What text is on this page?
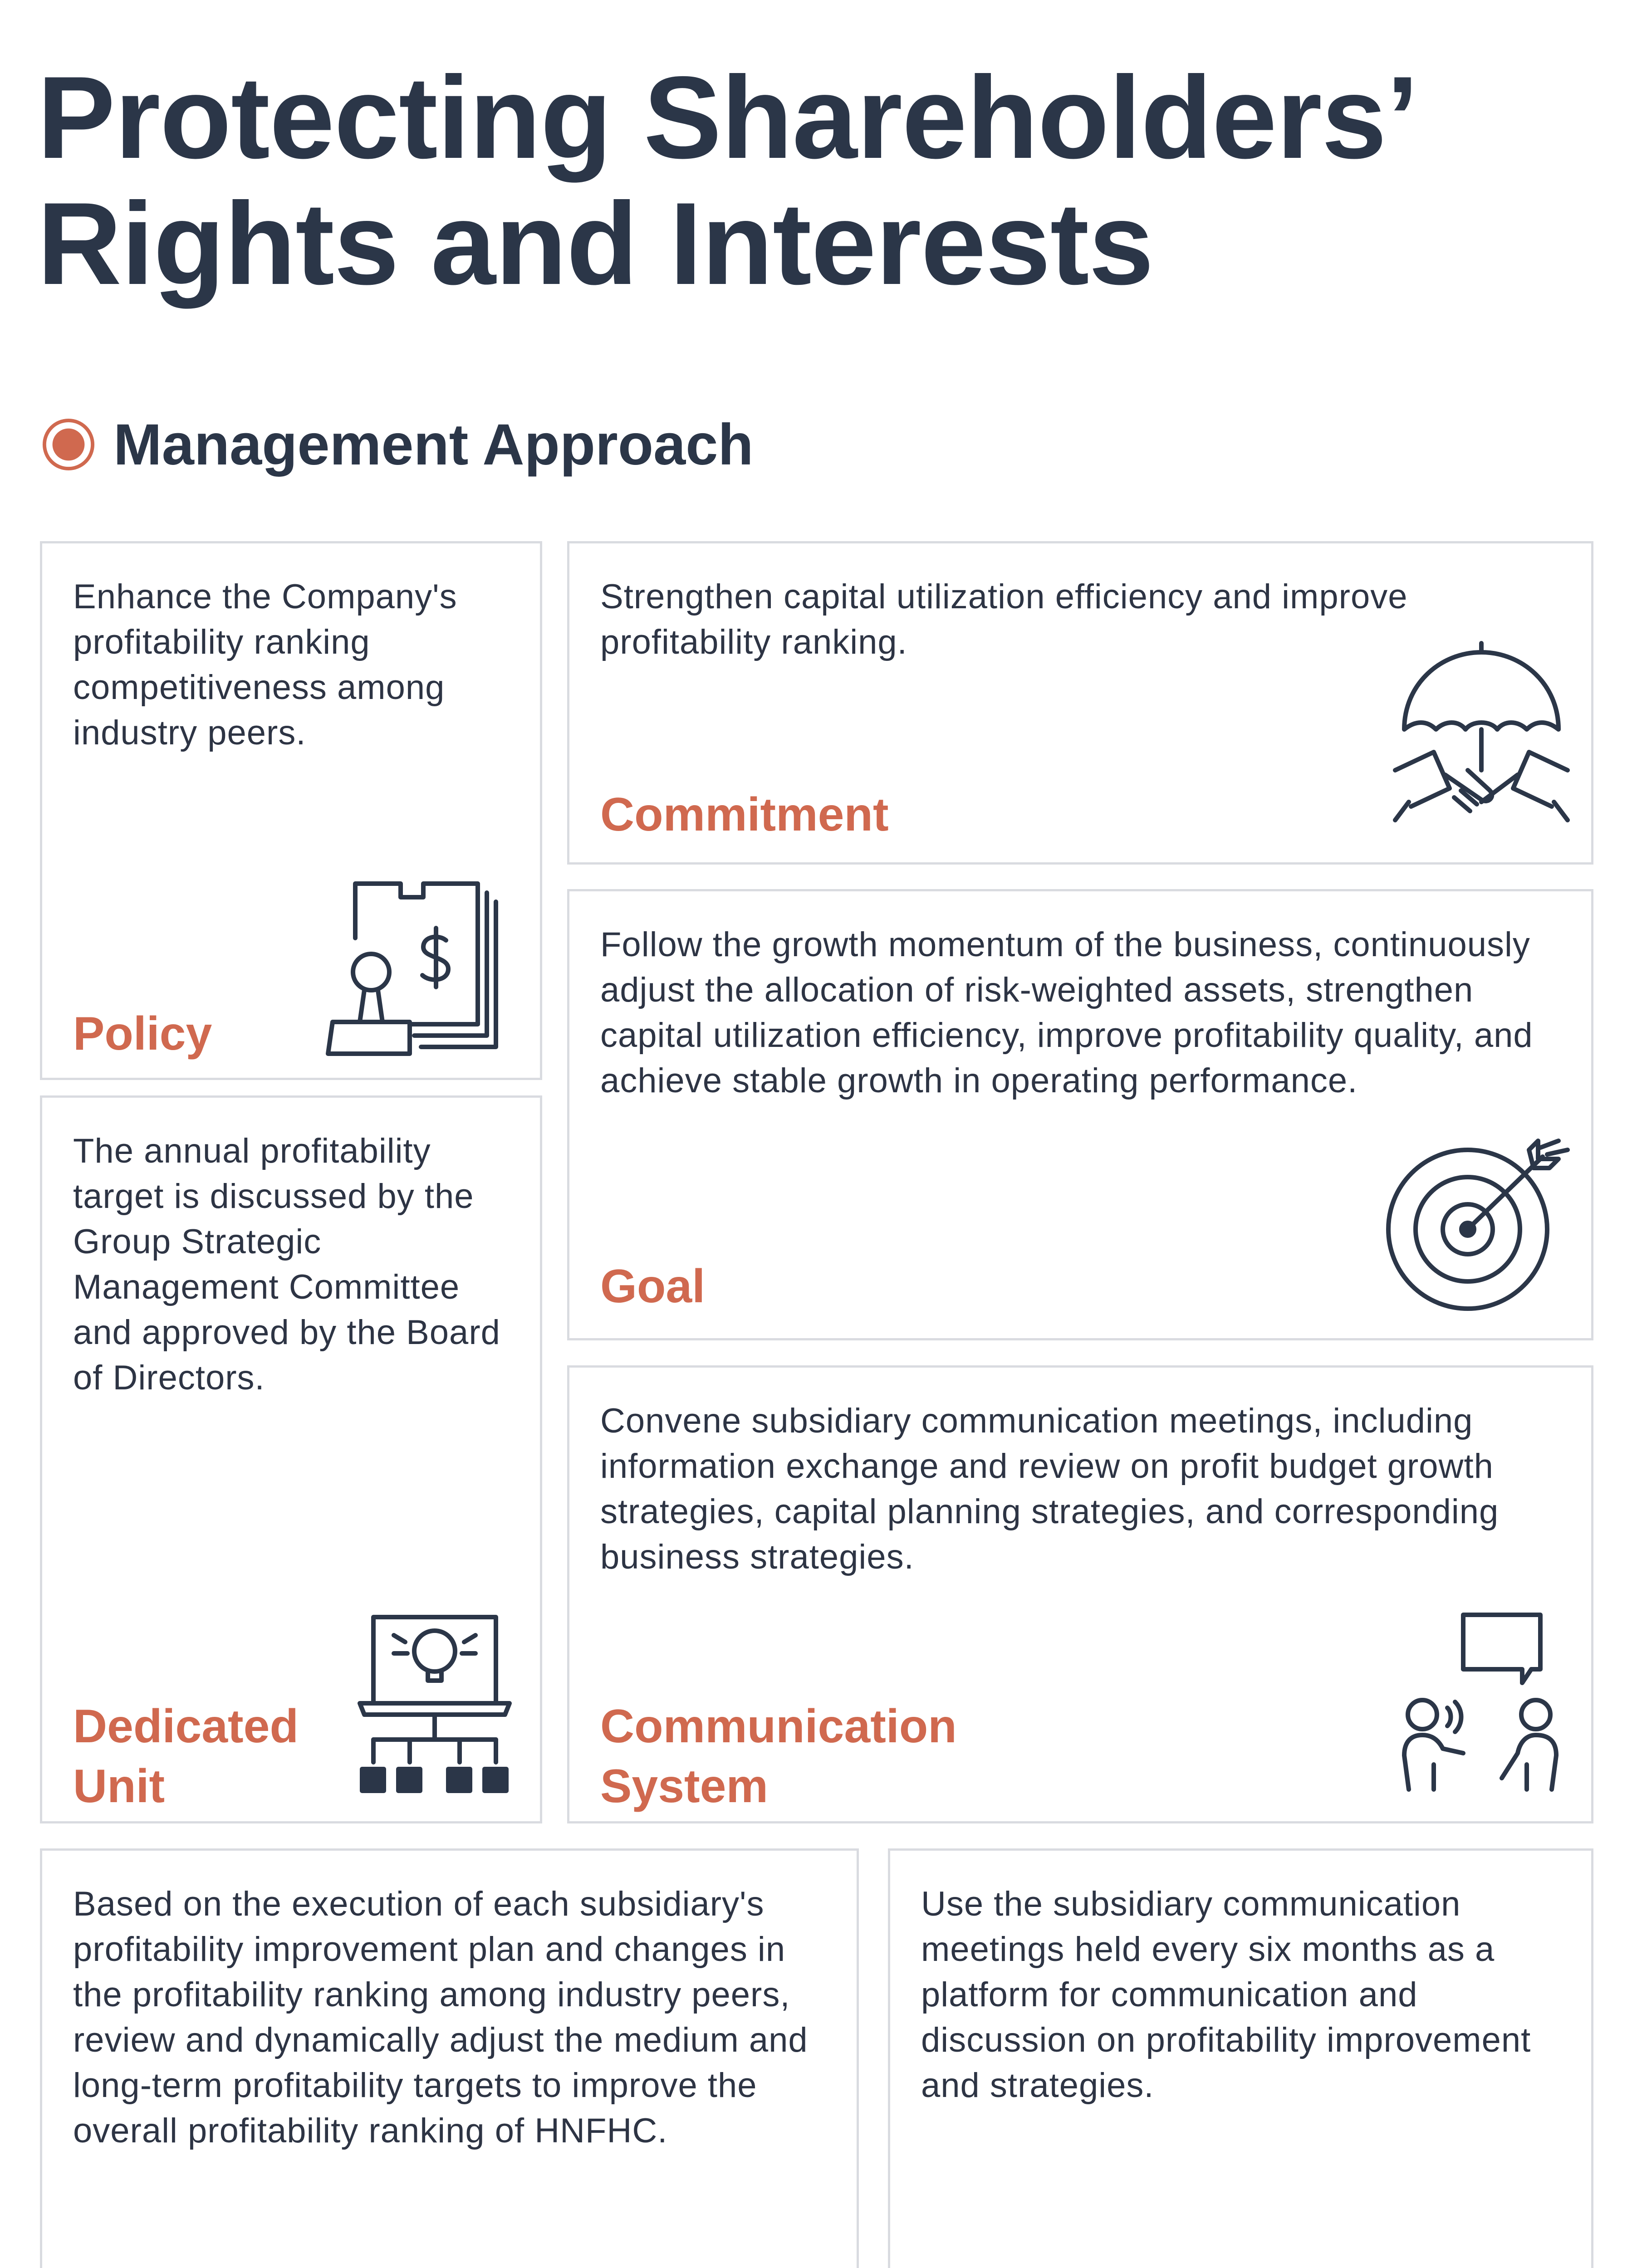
Protecting Shareholders’
Rights and Interests
Management Approach

Enhance the Company's profitability ranking competitiveness among industry peers.

Policy

Strengthen capital utilization efficiency and improve profitability ranking.

Commitment

Follow the growth momentum of the business, continuously adjust the allocation of risk-weighted assets, strengthen capital utilization efficiency, improve profitability quality, and achieve stable growth in operating performance.

Goal

The annual profitability target is discussed by the Group Strategic Management Committee and approved by the Board of Directors.

Dedicated
Unit

Convene subsidiary communication meetings, including information exchange and review on profit budget growth strategies, capital planning strategies, and corresponding business strategies.

Communication
System

Based on the execution of each subsidiary's profitability improvement plan and changes in the profitability ranking among industry peers, review and dynamically adjust the medium and long-term profitability targets to improve the overall profitability ranking of HNFHC.

Use the subsidiary communication meetings held every six months as a platform for communication and discussion on profitability improvement and strategies.
